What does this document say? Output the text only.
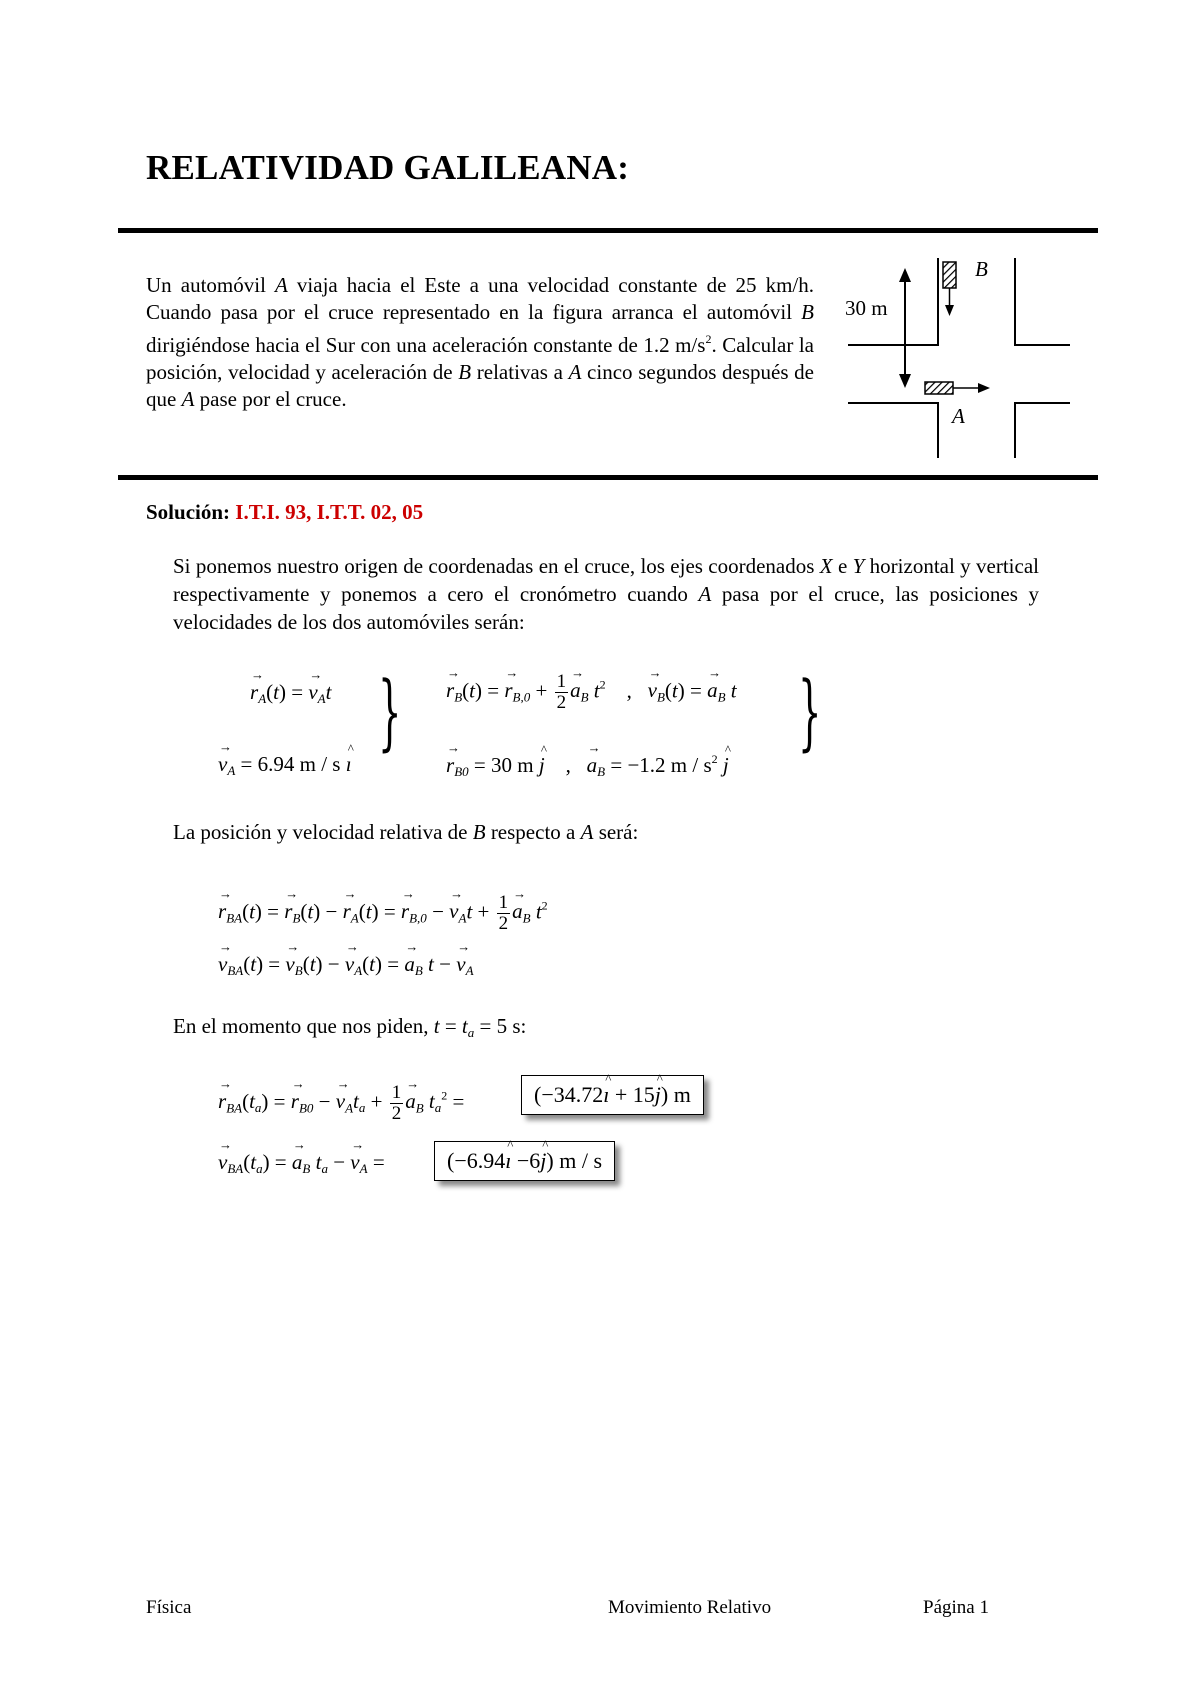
RELATIVIDAD GALILEANA:
Un automóvil A viaja hacia el Este a una velocidad constante de 25 km/h. Cuando pasa por el cruce representado en la figura arranca el automóvil B dirigiéndose hacia el Sur con una aceleración constante de 1.2 $m/s^2$. Calcular la posición, velocidad y aceleración de B relativas a A cinco segundos después de que A pase por el cruce.
30 m
B
A
Solución: I.T.I. 93, I.T.T. 02, 05
Si ponemos nuestro origen de coordenadas en el cruce, los ejes coordenados X e Y horizontal y vertical respectivamente y ponemos a cero el cronómetro cuando A pasa por el cruce, las posiciones y velocidades de los dos automóviles serán:
→ $r_A(t)$ = → $v_At$
→ $v_A = 6.94$ m / s ^ ı
}
→ $r_B(t)$ = → $r_{B,0} + \frac{1}{2}$
→ $a_B$ $t^2$    ,   → $v_B(t)$ = → $a_B$ t
→ $r_{B0} = 30$ m ^ j    ,   → $a_B = -1.2$ m / $s^2$ ^ j
}
La posición y velocidad relativa de B respecto a A será:
→ $r_{BA}(t)$ = → $r_B(t)$ − → $r_A(t)$ = → $r_{B,0}$ − → $v_At + \frac{1}{2}$
→ $a_B$ $t^2$
→ $v_{BA}(t)$ = → $v_B(t)$ − → $v_A(t)$ = → $a_B$ t − → $v_A$
En el momento que nos piden, $t = t_a = 5$ s:
→ $r_{BA}(t_a)$ = → $r_{B0}$ − → $v_At_a + \frac{1}{2}$
→ $a_B$ $t_a^2$ =	(−34.72^ ı + 15^ j) m
→ $v_{BA}(t_a)$ = → $a_B$ $t_a$ − → $v_A$ =	(−6.94^ ı −6^ j) m / s
Física	Movimiento Relativo	Página 1
